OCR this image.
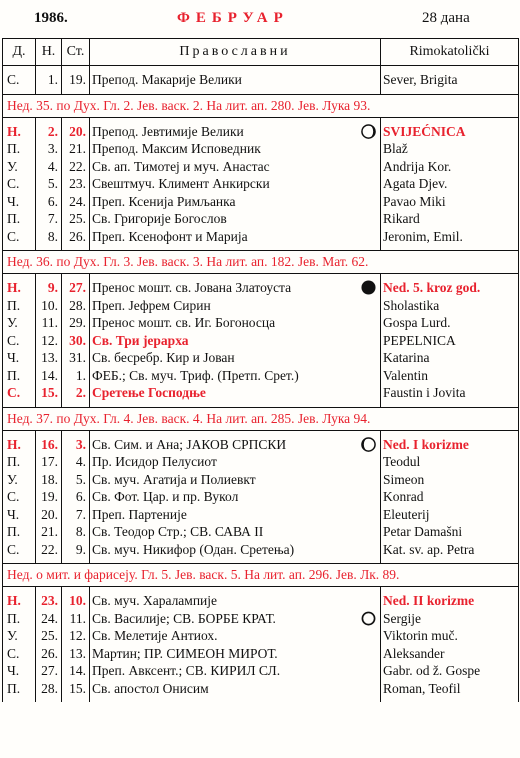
1986.	ФЕБРУАР	28 дана
Д.	Н.	Ст.	Православни	Rimokatolički

С.	1.	19.	Препод. Макарије Велики	Sever, Brigita

Нед. 35. по Дух. Гл. 2. Јев. васк. 2. На лит. ап. 280. Јев. Лука 93.				

Н.	2.	20.	Препод. Јевтимије Велики	SVIJEĆNICA
П.	3.	21.	Препод. Максим Исповедник	Blaž
У.	4.	22.	Св. ап. Тимотеј и муч. Анастас	Andrija Kor.
С.	5.	23.	Свештмуч. Климент Анкирски	Agata Djev.
Ч.	6.	24.	Преп. Ксенија Римљанка	Pavao Miki
П.	7.	25.	Св. Григорије Богослов	Rikard
С.	8.	26.	Преп. Ксенофонт и Марија	Jeronim, Emil.

Нед. 36. по Дух. Гл. 3. Јев. васк. 3. На лит. ап. 182. Јев. Мат. 62.				

Н.	9.	27.	Пренос мошт. св. Јована Златоуста	Ned. 5. kroz god.
П.	10.	28.	Преп. Јефрем Сирин	Sholastika
У.	11.	29.	Пренос мошт. св. Иг. Богоносца	Gospa Lurd.
С.	12.	30.	Св. Три јерарха	PEPELNICA
Ч.	13.	31.	Св. бесребр. Кир и Јован	Katarina
П.	14.	1.	ФЕБ.; Св. муч. Триф. (Претп. Срет.)	Valentin
С.	15.	2.	Сретење Господње	Faustin i Jovita

Нед. 37. по Дух. Гл. 4. Јев. васк. 4. На лит. ап. 285. Јев. Лука 94.				

Н.	16.	3.	Св. Сим. и Ана; ЈАКОВ СРПСКИ	Ned. I korizme
П.	17.	4.	Пр. Исидор Пелусиот	Teodul
У.	18.	5.	Св. муч. Агатија и Полиевкт	Simeon
С.	19.	6.	Св. Фот. Цар. и пр. Вукол	Konrad
Ч.	20.	7.	Преп. Партеније	Eleuterij
П.	21.	8.	Св. Теодор Стр.; СВ. САВА II	Petar Damašni
С.	22.	9.	Св. муч. Никифор (Одан. Сретења)	Kat. sv. ap. Petra

Нед. о мит. и фарисеју. Гл. 5. Јев. васк. 5. На лит. ап. 296. Јев. Лк. 89.				

Н.	23.	10.	Св. муч. Харалампије	Ned. II korizme
П.	24.	11.	Св. Василије; СВ. БОРБЕ КРАТ.	Sergije
У.	25.	12.	Св. Мелетије Антиох.	Viktorin muč.
С.	26.	13.	Мартин; ПР. СИМЕОН МИРОТ.	Aleksander
Ч.	27.	14.	Преп. Авксент.; СВ. КИРИЛ СЛ.	Gabr. od ž. Gospe
П.	28.	15.	Св. апостол Онисим	Roman, Teofil
